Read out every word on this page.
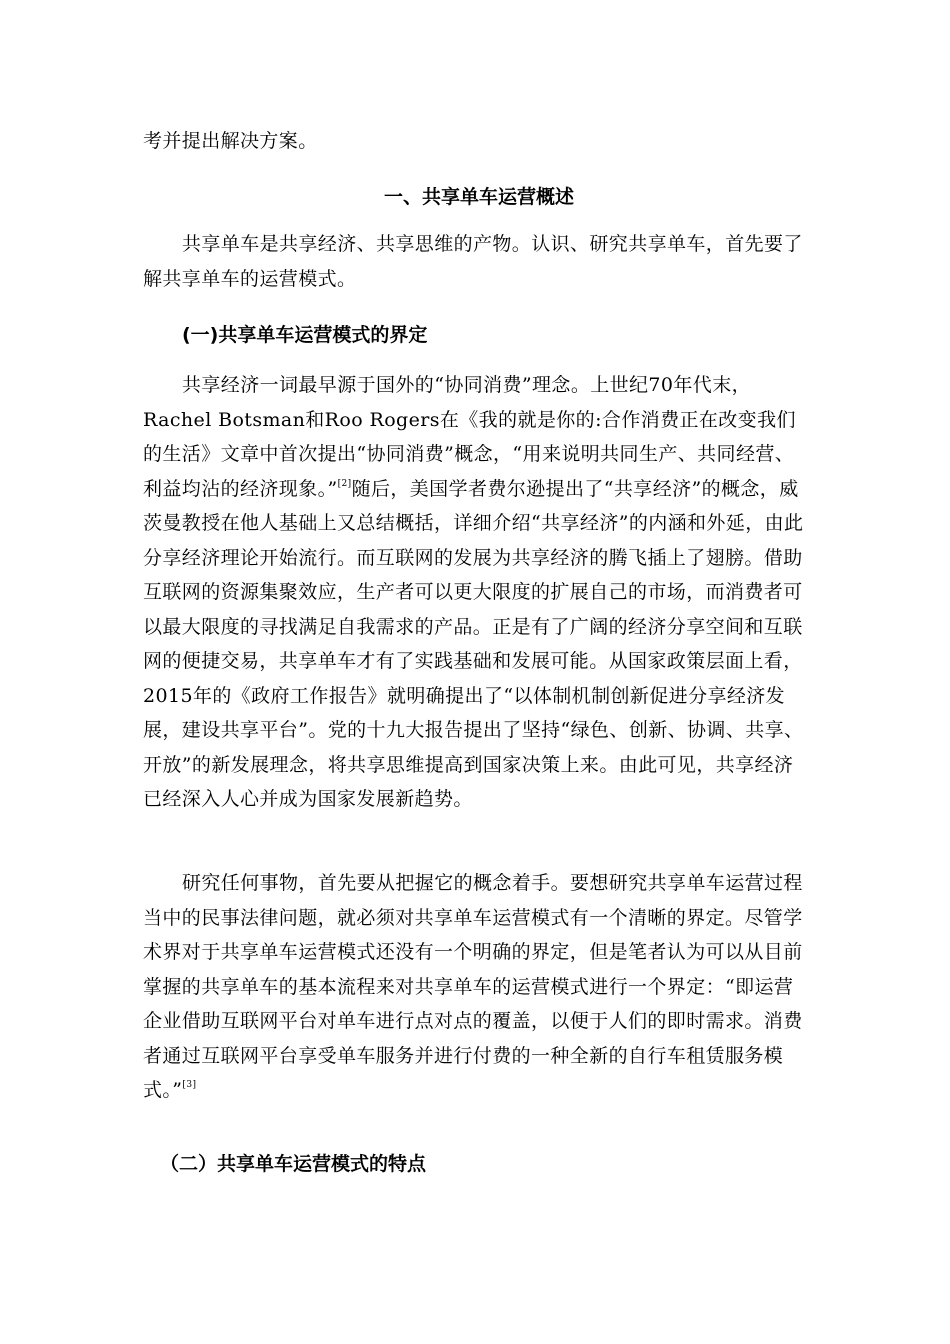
考并提出解决方案。
一、共享单车运营概述
共享单车是共享经济、共享思维的产物。认识、研究共享单车，首先要了解共享单车的运营模式。
(一)共享单车运营模式的界定
共享经济一词最早源于国外的“协同消费”理念。上世纪70年代末，Rachel Botsman和Roo Rogers在《我的就是你的:合作消费正在改变我们的生活》文章中首次提出“协同消费”概念，“用来说明共同生产、共同经营、利益均沾的经济现象。”[2]随后，美国学者费尔逊提出了“共享经济”的概念，威茨曼教授在他人基础上又总结概括，详细介绍“共享经济”的内涵和外延，由此分享经济理论开始流行。而互联网的发展为共享经济的腾飞插上了翅膀。借助互联网的资源集聚效应，生产者可以更大限度的扩展自己的市场，而消费者可以最大限度的寻找满足自我需求的产品。正是有了广阔的经济分享空间和互联网的便捷交易，共享单车才有了实践基础和发展可能。从国家政策层面上看，2015年的《政府工作报告》就明确提出了“以体制机制创新促进分享经济发展，建设共享平台”。党的十九大报告提出了坚持“绿色、创新、协调、共享、开放”的新发展理念，将共享思维提高到国家决策上来。由此可见，共享经济已经深入人心并成为国家发展新趋势。
研究任何事物，首先要从把握它的概念着手。要想研究共享单车运营过程当中的民事法律问题，就必须对共享单车运营模式有一个清晰的界定。尽管学术界对于共享单车运营模式还没有一个明确的界定，但是笔者认为可以从目前掌握的共享单车的基本流程来对共享单车的运营模式进行一个界定：“即运营企业借助互联网平台对单车进行点对点的覆盖，以便于人们的即时需求。消费者通过互联网平台享受单车服务并进行付费的一种全新的自行车租赁服务模式。”[3]
（二）共享单车运营模式的特点
